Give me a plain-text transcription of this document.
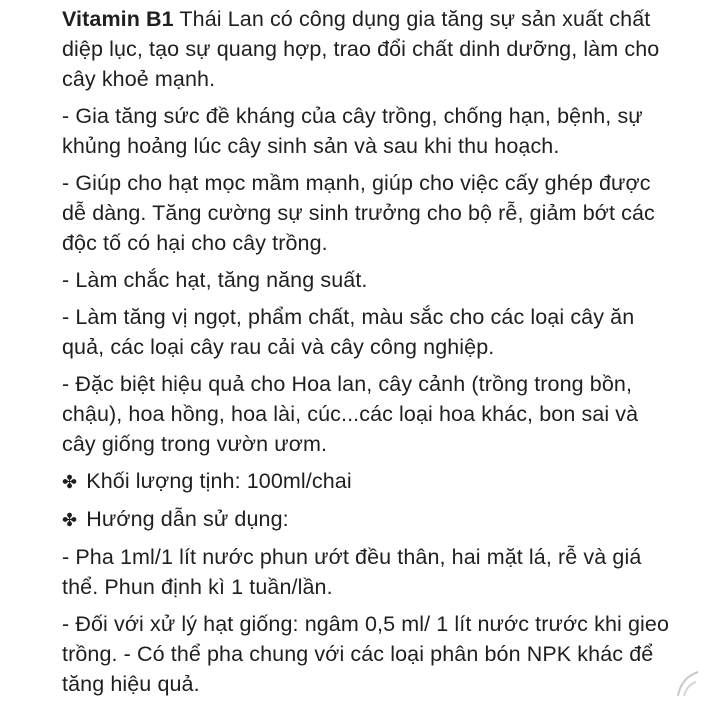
Vitamin B1 Thái Lan có công dụng gia tăng sự sản xuất chất diệp lục, tạo sự quang hợp, trao đổi chất dinh dưỡng, làm cho cây khoẻ mạnh.

- Gia tăng sức đề kháng của cây trồng, chống hạn, bệnh, sự khủng hoảng lúc cây sinh sản và sau khi thu hoạch.

- Giúp cho hạt mọc mầm mạnh, giúp cho việc cấy ghép được dễ dàng. Tăng cường sự sinh trưởng cho bộ rễ, giảm bớt các độc tố có hại cho cây trồng.

- Làm chắc hạt, tăng năng suất.

- Làm tăng vị ngọt, phẩm chất, màu sắc cho các loại cây ăn quả, các loại cây rau cải và cây công nghiệp.

- Đặc biệt hiệu quả cho Hoa lan, cây cảnh (trồng trong bồn, chậu), hoa hồng, hoa lài, cúc...các loại hoa khác, bon sai và cây giống trong vườn ươm.

✤ Khối lượng tịnh: 100ml/chai

✤ Hướng dẫn sử dụng:

- Pha 1ml/1 lít nước phun ướt đều thân, hai mặt lá, rễ và giá thể. Phun định kì 1 tuần/lần.

- Đối với xử lý hạt giống: ngâm 0,5 ml/ 1 lít nước trước khi gieo trồng. - Có thể pha chung với các loại phân bón NPK khác để tăng hiệu quả.
